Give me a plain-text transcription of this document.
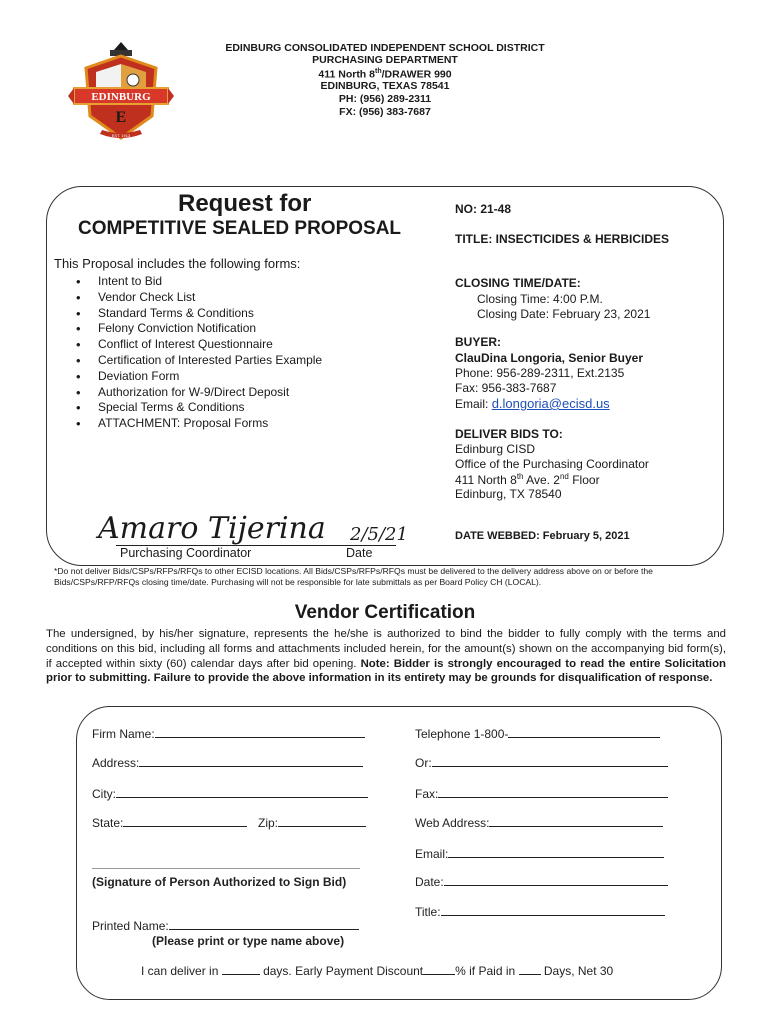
EDINBURG
E
EST. 1913
EDINBURG CONSOLIDATED INDEPENDENT SCHOOL DISTRICT
PURCHASING DEPARTMENT
411 North 8th/DRAWER 990
EDINBURG, TEXAS 78541
PH: (956) 289-2311
FX: (956) 383-7687
Request for
COMPETITIVE SEALED PROPOSAL
This Proposal includes the following forms:
• Intent to Bid
• Vendor Check List
• Standard Terms & Conditions
• Felony Conviction Notification
• Conflict of Interest Questionnaire
• Certification of Interested Parties Example
• Deviation Form
• Authorization for W-9/Direct Deposit
• Special Terms & Conditions
• ATTACHMENT: Proposal Forms
NO: 21-48
TITLE: INSECTICIDES & HERBICIDES
CLOSING TIME/DATE:
Closing Time: 4:00 P.M.
Closing Date: February 23, 2021
BUYER:
ClauDina Longoria, Senior Buyer
Phone: 956-289-2311, Ext.2135
Fax: 956-383-7687
Email: d.longoria@ecisd.us
DELIVER BIDS TO:
Edinburg CISD
Office of the Purchasing Coordinator
411 North 8th Ave. 2nd Floor
Edinburg, TX 78540
DATE WEBBED: February 5, 2021
Amaro Tijerina 2/5/21
Purchasing Coordinator	Date
*Do not deliver Bids/CSPs/RFPs/RFQs to other ECISD locations. All Bids/CSPs/RFPs/RFQs must be delivered to the delivery address above on or before the Bids/CSPs/RFP/RFQs closing time/date. Purchasing will not be responsible for late submittals as per Board Policy CH (LOCAL).
Vendor Certification
The undersigned, by his/her signature, represents the he/she is authorized to bind the bidder to fully comply with the terms and conditions on this bid, including all forms and attachments included herein, for the amount(s) shown on the accompanying bid form(s), if accepted within sixty (60) calendar days after bid opening. Note: Bidder is strongly encouraged to read the entire Solicitation prior to submitting. Failure to provide the above information in its entirety may be grounds for disqualification of response.
Firm Name:
Address:
City:
State:	Zip:
(Signature of Person Authorized to Sign Bid)
Printed Name:
(Please print or type name above)
Telephone 1-800-
Or:
Fax:
Web Address:
Email:
Date:
Title:
I can deliver in	days. Early Payment Discount	% if Paid in Days, Net 30
